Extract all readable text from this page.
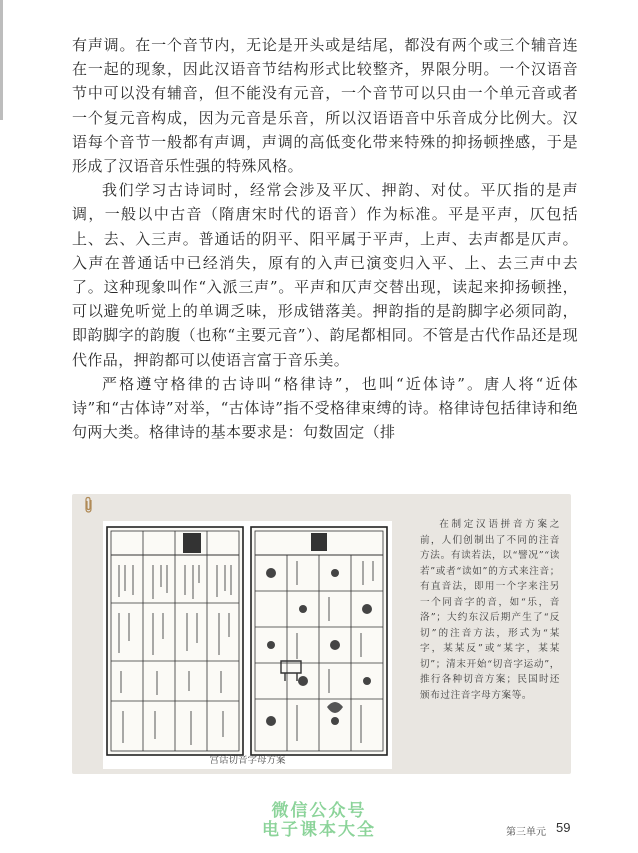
有声调。在一个音节内，无论是开头或是结尾，都没有两个或三个辅音连在一起的现象，因此汉语音节结构形式比较整齐，界限分明。一个汉语音节中可以没有辅音，但不能没有元音，一个音节可以只由一个单元音或者一个复元音构成，因为元音是乐音，所以汉语语音中乐音成分比例大。汉语每个音节一般都有声调，声调的高低变化带来特殊的抑扬顿挫感，于是形成了汉语音乐性强的特殊风格。

我们学习古诗词时，经常会涉及平仄、押韵、对仗。平仄指的是声调，一般以中古音（隋唐宋时代的语音）作为标准。平是平声，仄包括上、去、入三声。普通话的阴平、阳平属于平声，上声、去声都是仄声。入声在普通话中已经消失，原有的入声已演变归入平、上、去三声中去了。这种现象叫作“入派三声”。平声和仄声交替出现，读起来抑扬顿挫，可以避免听觉上的单调乏味，形成错落美。押韵指的是韵脚字必须同韵，即韵脚字的韵腹（也称“主要元音”）、韵尾都相同。不管是古代作品还是现代作品，押韵都可以使语言富于音乐美。

严格遵守格律的古诗叫“格律诗”，也叫“近体诗”。唐人将“近体诗”和“古体诗”对举，“古体诗”指不受格律束缚的诗。格律诗包括律诗和绝句两大类。格律诗的基本要求是：句数固定（排

宫话切音字母方案
在制定汉语拼音方案之前，人们创制出了不同的注音方法。有读若法，以“譬况”“读若”或者“读如”的方式来注音；有直音法，即用一个字来注另一个同音字的音，如“乐，音洛”；大约东汉后期产生了“反切”的注音方法，形式为“某字，某某反”或“某字，某某切”；清末开始“切音字运动”，推行各种切音方案；民国时还颁布过注音字母方案等。
微信公众号
电子课本大全	第三单元 59
